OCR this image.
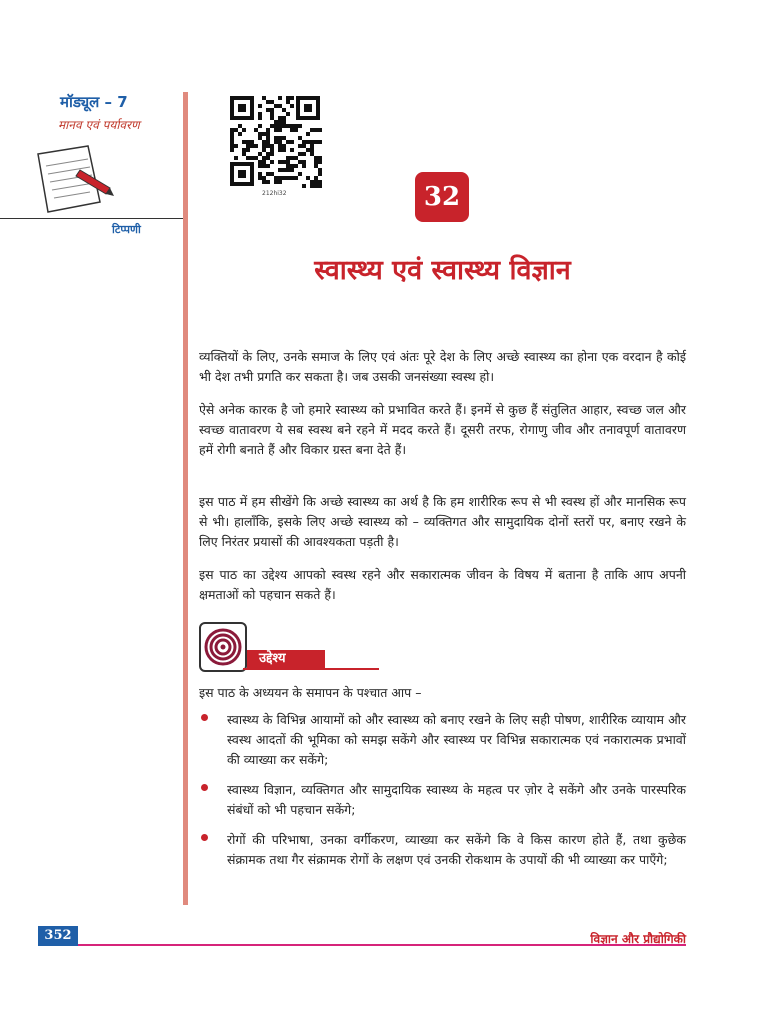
मॉड्यूल – 7
मानव एवं पर्यावरण
टिप्पणी
212hi32	32
स्वास्थ्य एवं स्वास्थ्य विज्ञान
व्यक्तियों के लिए, उनके समाज के लिए एवं अंतः पूरे देश के लिए अच्छे स्वास्थ्य का होना एक वरदान है कोई भी देश तभी प्रगति कर सकता है। जब उसकी जनसंख्या स्वस्थ हो।
ऐसे अनेक कारक है जो हमारे स्वास्थ्य को प्रभावित करते हैं। इनमें से कुछ हैं संतुलित आहार, स्वच्छ जल और स्वच्छ वातावरण ये सब स्वस्थ बने रहने में मदद करते हैं। दूसरी तरफ, रोगाणु जीव और तनावपूर्ण वातावरण हमें रोगी बनाते हैं और विकार ग्रस्त बना देते हैं।
इस पाठ में हम सीखेंगे कि अच्छे स्वास्थ्य का अर्थ है कि हम शारीरिक रूप से भी स्वस्थ हों और मानसिक रूप से भी। हालाँकि, इसके लिए अच्छे स्वास्थ्य को – व्यक्तिगत और सामुदायिक दोनों स्तरों पर, बनाए रखने के लिए निरंतर प्रयासों की आवश्यकता पड़ती है।
इस पाठ का उद्देश्य आपको स्वस्थ रहने और सकारात्मक जीवन के विषय में बताना है ताकि आप अपनी क्षमताओं को पहचान सकते हैं।
उद्देश्य
इस पाठ के अध्ययन के समापन के पश्चात आप –
स्वास्थ्य के विभिन्न आयामों को और स्वास्थ्य को बनाए रखने के लिए सही पोषण, शारीरिक व्यायाम और स्वस्थ आदतों की भूमिका को समझ सकेंगे और स्वास्थ्य पर विभिन्न सकारात्मक एवं नकारात्मक प्रभावों की व्याख्या कर सकेंगे;
स्वास्थ्य विज्ञान, व्यक्तिगत और सामुदायिक स्वास्थ्य के महत्व पर ज़ोर दे सकेंगे और उनके पारस्परिक संबंधों को भी पहचान सकेंगे;
रोगों की परिभाषा, उनका वर्गीकरण, व्याख्या कर सकेंगे कि वे किस कारण होते हैं, तथा कुछेक संक्रामक तथा गैर संक्रामक रोगों के लक्षण एवं उनकी रोकथाम के उपायों की भी व्याख्या कर पाएँगे;
352	विज्ञान और प्रौद्योगिकी
